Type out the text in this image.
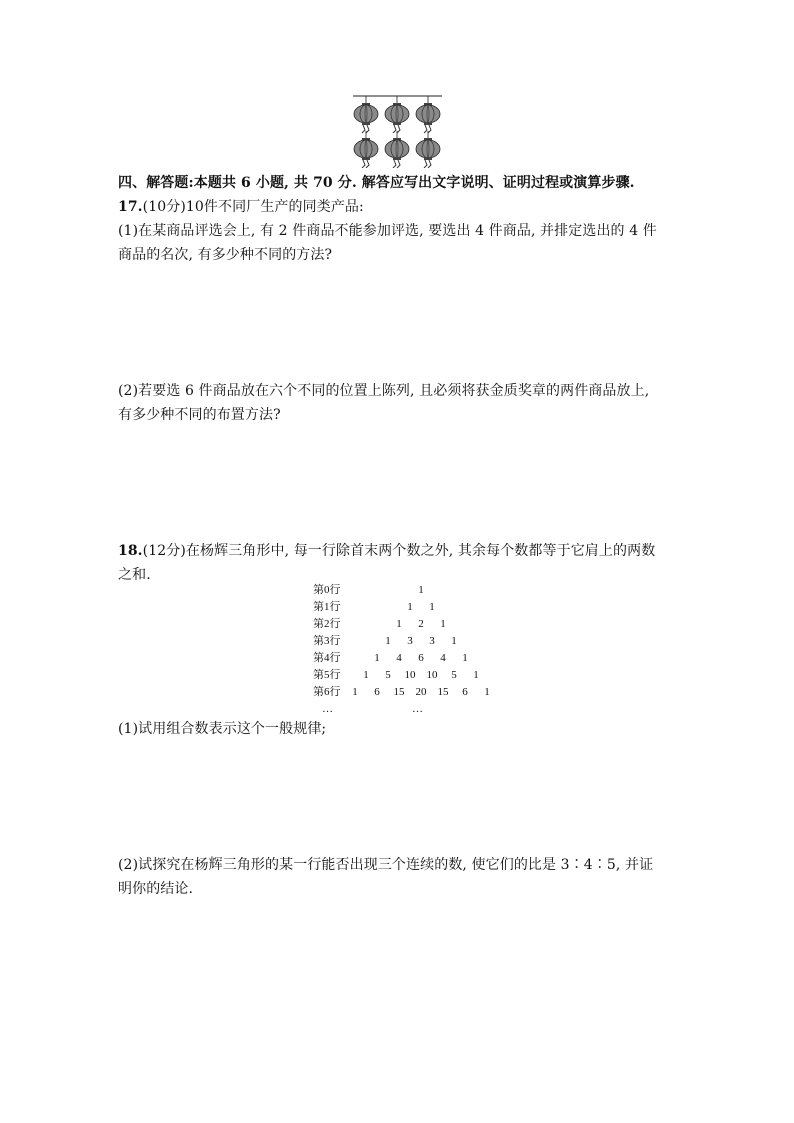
四、解答题:本题共 6 小题, 共 70 分. 解答应写出文字说明、证明过程或演算步骤.
17.(10分)10件不同厂生产的同类产品:
(1)在某商品评选会上, 有 2 件商品不能参加评选, 要选出 4 件商品, 并排定选出的 4 件
商品的名次, 有多少种不同的方法?
(2)若要选 6 件商品放在六个不同的位置上陈列, 且必须将获金质奖章的两件商品放上,
有多少种不同的布置方法?
18.(12分)在杨辉三角形中, 每一行除首末两个数之外, 其余每个数都等于它肩上的两数
之和.
第0行	1
第1行	1	1
第2行	1	2	1
第3行	1	3	3	1
第4行	1	4	6	4	1
第5行	1	5	10	10	5	1
第6行	1	6	15	20	15	6	1
…	…
(1)试用组合数表示这个一般规律;
(2)试探究在杨辉三角形的某一行能否出现三个连续的数, 使它们的比是 3∶4∶5, 并证
明你的结论.
